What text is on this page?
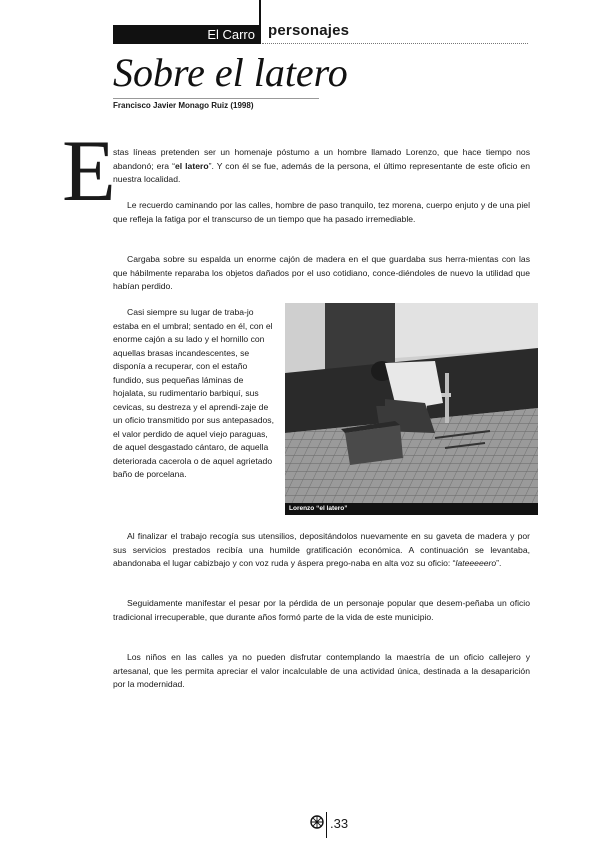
El Carro personajes
Sobre el latero
Francisco Javier Monago Ruiz (1998)
E

stas líneas pretenden ser un homenaje póstumo a un hombre llamado Lorenzo, que hace tiempo nos abandonó; era “el latero”. Y con él se fue, además de la persona, el último representante de este oficio en nuestra localidad.

Le recuerdo caminando por las calles, hombre de paso tranquilo, tez morena, cuerpo enjuto y de una piel que refleja la fatiga por el transcurso de un tiempo que ha pasado irremediable.

Cargaba sobre su espalda un enorme cajón de madera en el que guardaba sus herra-mientas con las que hábilmente reparaba los objetos dañados por el uso cotidiano, conce-diéndoles de nuevo la utilidad que habían perdido.

Casi siempre su lugar de traba-jo estaba en el umbral; sentado en él, con el enorme cajón a su lado y el hornillo con aquellas brasas incandescentes, se disponía a recuperar, con el estaño fundido, sus pequeñas láminas de hojalata, su rudimentario barbiquí, sus cevicas, su destreza y el aprendi-zaje de un oficio transmitido por sus antepasados, el valor perdido de aquel viejo paraguas, de aquel desgastado cántaro, de aquella deteriorada cacerola o de aquel agrietado baño de porcelana.

Lorenzo “el latero”

Al finalizar el trabajo recogía sus utensilios, depositándolos nuevamente en su gaveta de madera y por sus servicios prestados recibía una humilde gratificación económica. A continuación se levantaba, abandonaba el lugar cabizbajo y con voz ruda y áspera prego-naba en alta voz su oficio: “lateeeeero”.

Seguidamente manifestar el pesar por la pérdida de un personaje popular que desem-peñaba un oficio tradicional irrecuperable, que durante años formó parte de la vida de este municipio.

Los niños en las calles ya no pueden disfrutar contemplando la maestría de un oficio callejero y artesanal, que les permita apreciar el valor incalculable de una actividad única, destinada a la desaparición por la modernidad.

.33
